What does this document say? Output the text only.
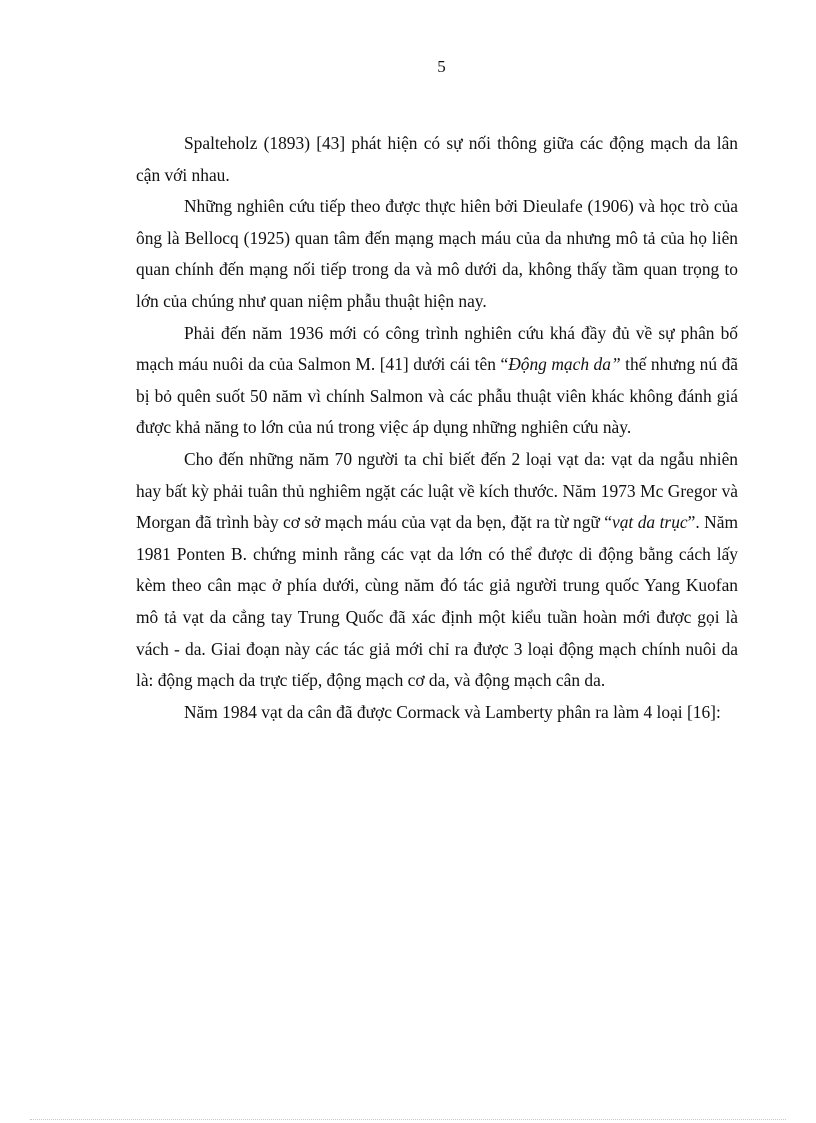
5

Spalteholz (1893) [43] phát hiện có sự nối thông giữa các động mạch da lân cận với nhau.

Những nghiên cứu tiếp theo được thực hiên bởi Dieulafe (1906) và học trò của ông là Bellocq (1925) quan tâm đến mạng mạch máu của da nhưng mô tả của họ liên quan chính đến mạng nối tiếp trong da và mô dưới da, không thấy tầm quan trọng to lớn của chúng như quan niệm phẫu thuật hiện nay.

Phải đến năm 1936 mới có công trình nghiên cứu khá đầy đủ về sự phân bố mạch máu nuôi da của Salmon M. [41] dưới cái tên “Động mạch da” thế nhưng nú đã bị bỏ quên suốt 50 năm vì chính Salmon và các phẫu thuật viên khác không đánh giá được khả năng to lớn của nú trong việc áp dụng những nghiên cứu này.

Cho đến những năm 70 người ta chỉ biết đến 2 loại vạt da: vạt da ngẫu nhiên hay bất kỳ phải tuân thủ nghiêm ngặt các luật về kích thước. Năm 1973 Mc Gregor và Morgan đã trình bày cơ sở mạch máu của vạt da bẹn, đặt ra từ ngữ “vạt da trục”. Năm 1981 Ponten B. chứng minh rằng các vạt da lớn có thể được di động bằng cách lấy kèm theo cân mạc ở phía dưới, cùng năm đó tác giả người trung quốc Yang Kuofan mô tả vạt da cẳng tay Trung Quốc đã xác định một kiểu tuần hoàn mới được gọi là vách - da. Giai đoạn này các tác giả mới chỉ ra được 3 loại động mạch chính nuôi da là: động mạch da trực tiếp, động mạch cơ da, và động mạch cân da.

Năm 1984 vạt da cân đã được Cormack và Lamberty phân ra làm 4 loại [16]:
